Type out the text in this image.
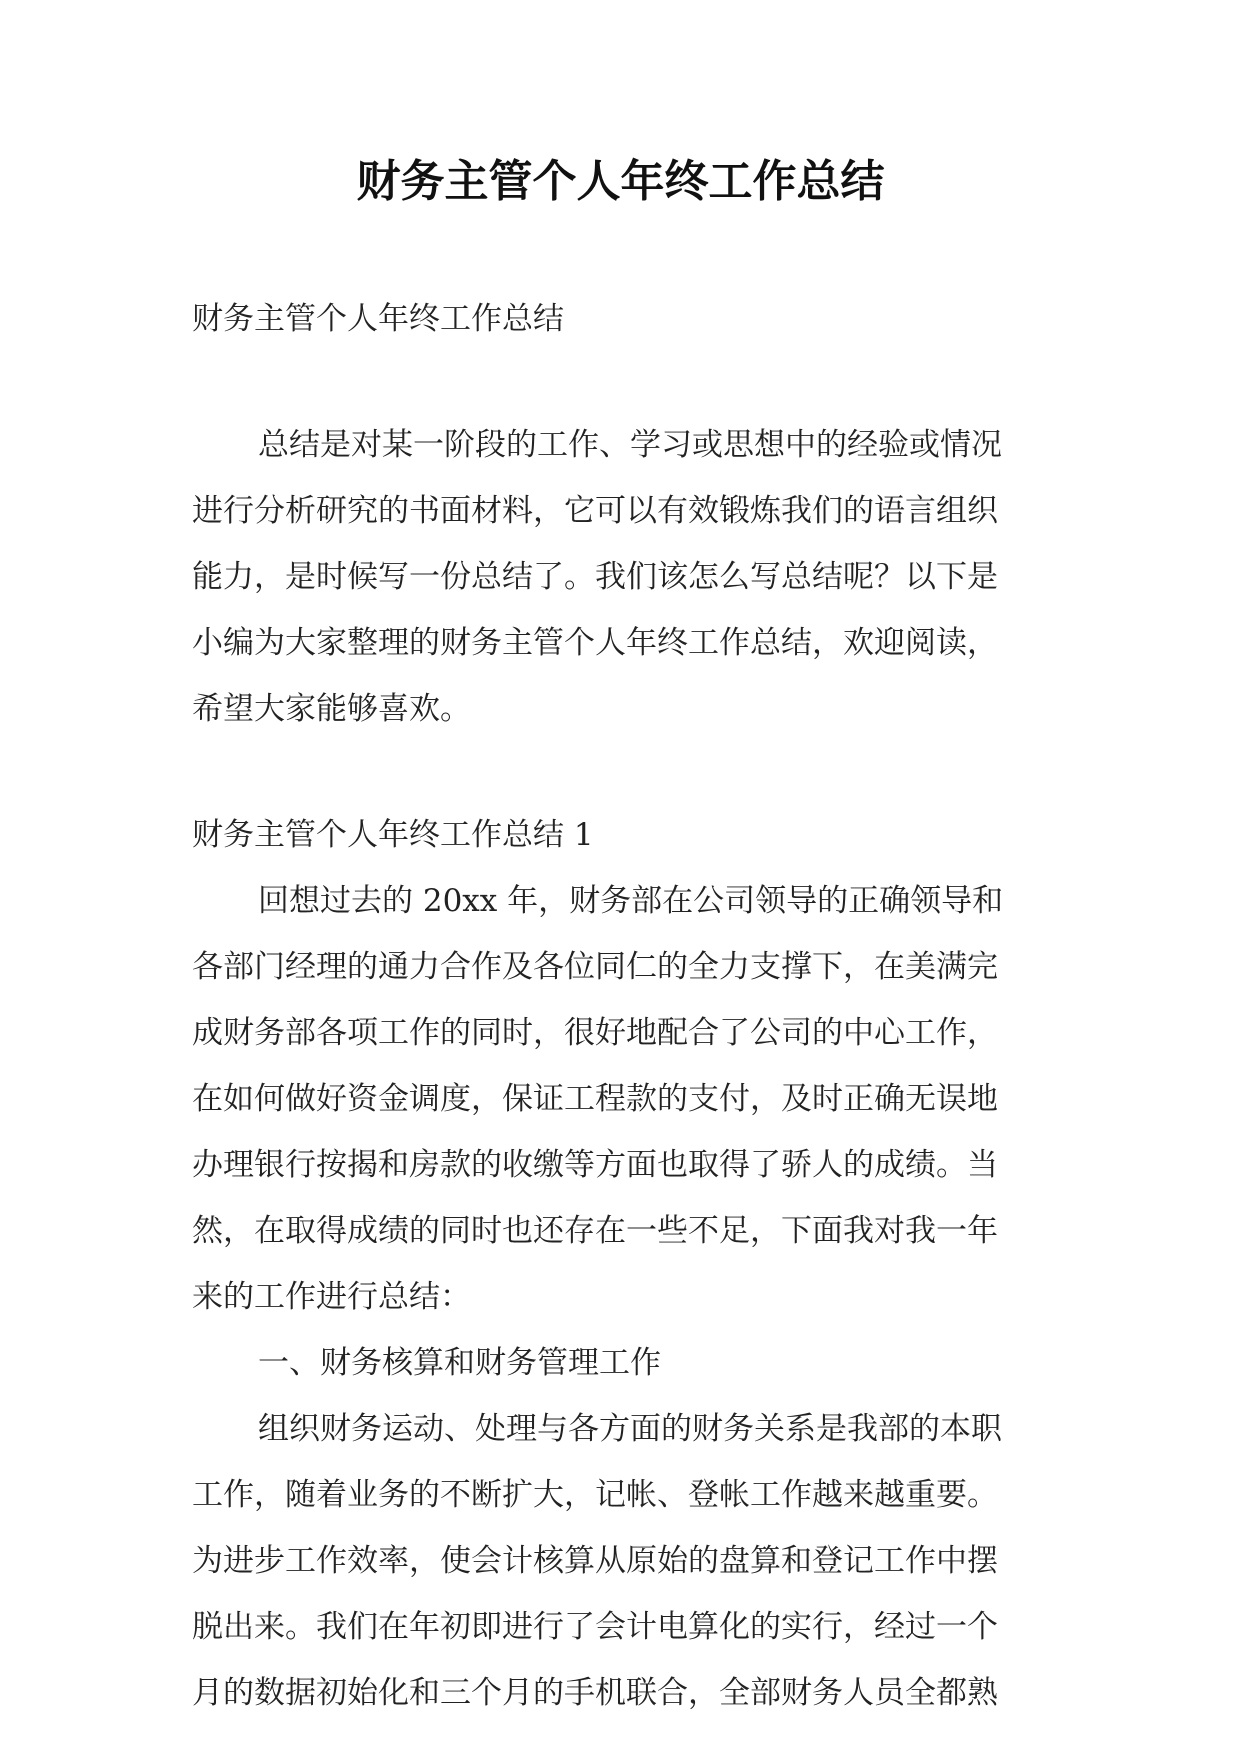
财务主管个人年终工作总结
财务主管个人年终工作总结
总结是对某一阶段的工作、学习或思想中的经验或情况
进行分析研究的书面材料，它可以有效锻炼我们的语言组织
能力，是时候写一份总结了。我们该怎么写总结呢？以下是
小编为大家整理的财务主管个人年终工作总结，欢迎阅读，
希望大家能够喜欢。
财务主管个人年终工作总结 1
回想过去的 20xx 年，财务部在公司领导的正确领导和
各部门经理的通力合作及各位同仁的全力支撑下，在美满完
成财务部各项工作的同时，很好地配合了公司的中心工作，
在如何做好资金调度，保证工程款的支付，及时正确无误地
办理银行按揭和房款的收缴等方面也取得了骄人的成绩。当
然，在取得成绩的同时也还存在一些不足，下面我对我一年
来的工作进行总结：
一、财务核算和财务管理工作
组织财务运动、处理与各方面的财务关系是我部的本职
工作，随着业务的不断扩大，记帐、登帐工作越来越重要。
为进步工作效率，使会计核算从原始的盘算和登记工作中摆
脱出来。我们在年初即进行了会计电算化的实行，经过一个
月的数据初始化和三个月的手机联合，全部财务人员全都熟
